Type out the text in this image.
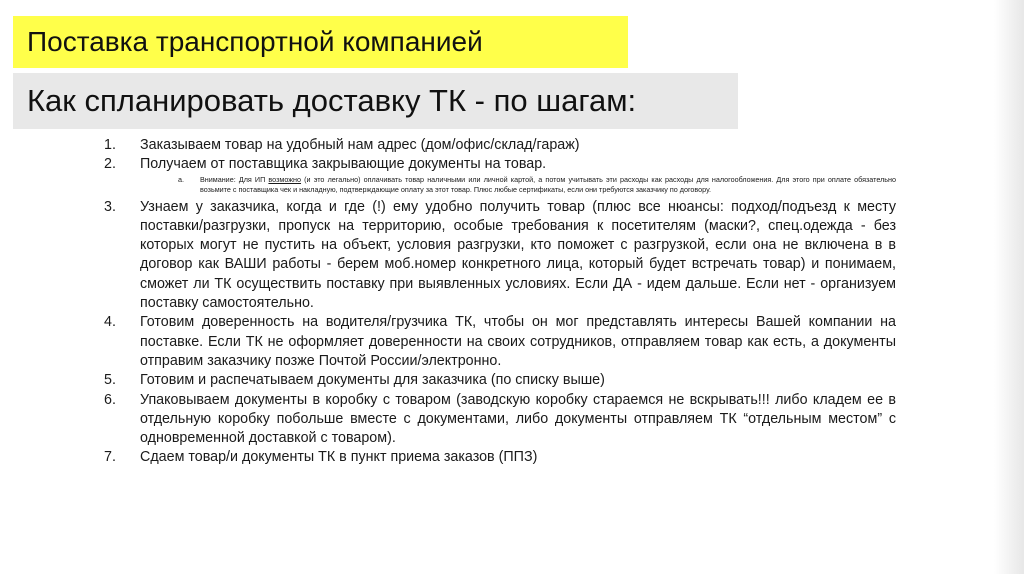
Поставка транспортной компанией
Как спланировать доставку ТК - по шагам:
1.	Заказываем товар на удобный нам адрес (дом/офис/склад/гараж)
2.	Получаем от поставщика закрывающие документы на товар.
a.	Внимание: Для ИП возможно (и это легально) оплачивать товар наличными или личной картой, а потом учитывать эти расходы как расходы для налогообложения. Для этого при оплате обязательно возьмите с поставщика чек и накладную, подтверждающие оплату за этот товар. Плюс любые сертификаты, если они требуются заказчику по договору.
3.	Узнаем у заказчика, когда и где (!) ему удобно получить товар (плюс все нюансы: подход/подъезд к месту поставки/разгрузки, пропуск на территорию, особые требования к посетителям (маски?, спец.одежда - без которых могут не пустить на объект, условия разгрузки, кто поможет с разгрузкой, если она не включена в в договор как ВАШИ работы - берем моб.номер конкретного лица, который будет встречать товар) и понимаем, сможет ли ТК осуществить поставку при выявленных условиях. Если ДА - идем дальше. Если нет - организуем поставку самостоятельно.
4.	Готовим доверенность на водителя/грузчика ТК, чтобы он мог представлять интересы Вашей компании на поставке. Если ТК не оформляет доверенности на своих сотрудников, отправляем товар как есть, а документы отправим заказчику позже Почтой России/электронно.
5.	Готовим и распечатываем документы для заказчика (по списку выше)
6.	Упаковываем документы в коробку с товаром (заводскую коробку стараемся не вскрывать!!! либо кладем ее в отдельную коробку побольше вместе с документами, либо документы отправляем ТК “отдельным местом” с одновременной доставкой с товаром).
7.	Сдаем товар/и документы ТК в пункт приема заказов (ППЗ)
